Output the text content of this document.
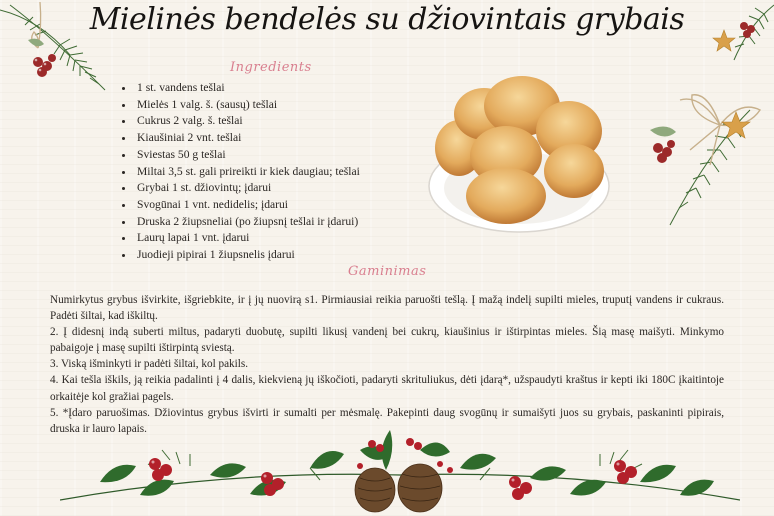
Mielinės bendelės su džiovintais grybais
Ingredients
• 1 st. vandens tešlai
• Mielės 1 valg. š. (sausų) tešlai
• Cukrus 2 valg. š. tešlai
• Kiaušiniai 2 vnt. tešlai
• Sviestas 50 g tešlai
• Miltai 3,5 st. gali prireikti ir kiek daugiau; tešlai
• Grybai 1 st. džiovintų; įdarui
• Svogūnai 1 vnt. nedidelis; įdarui
• Druska 2 žiupsneliai (po žiupsnį tešlai ir įdarui)
• Laurų lapai 1 vnt. įdarui
• Juodieji pipirai 1 žiupsnelis įdarui
Gaminimas

Numirkytus grybus išvirkite, išgriebkite, ir į jų nuovirą s1. Pirmiausiai reikia paruošti tešlą. Į mažą indelį supilti mieles, truputį vandens ir cukraus. Padėti šiltai, kad iškiltų.

2. Į didesnį indą suberti miltus, padaryti duobutę, supilti likusį vandenį bei cukrų, kiaušinius ir ištirpintas mieles. Šią masę maišyti. Minkymo pabaigoje į masę supilti ištirpintą sviestą.

3. Viską išminkyti ir padėti šiltai, kol pakils.

4. Kai tešla iškils, ją reikia padalinti į 4 dalis, kiekvieną jų iškočioti, padaryti skrituliukus, dėti įdarą*, užspaudyti kraštus ir kepti iki 180C įkaitintoje orkaitėje kol gražiai pagels.

5. *Įdaro paruošimas. Džiovintus grybus išvirti ir sumalti per mėsmalę. Pakepinti daug svogūnų ir sumaišyti juos su grybais, paskaninti pipirais, druska ir lauro lapais.
